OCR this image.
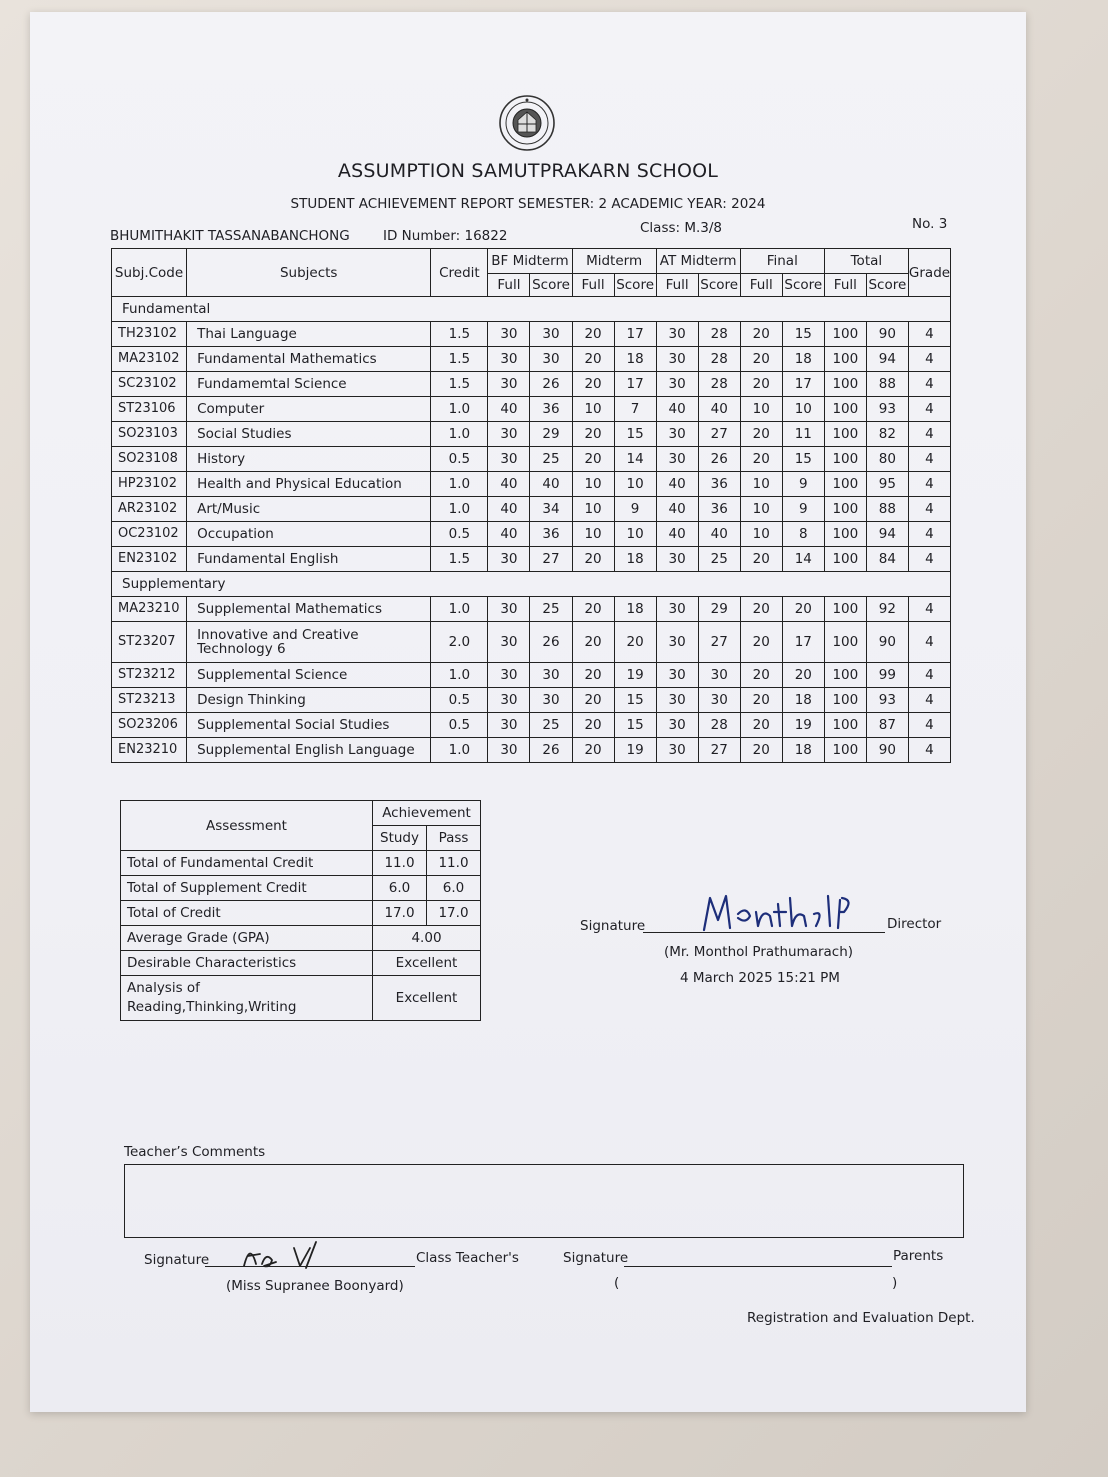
ASSUMPTION SAMUTPRAKARN SCHOOL
STUDENT ACHIEVEMENT REPORT SEMESTER: 2 ACADEMIC YEAR: 2024
BHUMITHAKIT TASSANABANCHONG ID Number: 16822	Class: M.3/8	No. 3
Subj.Code	Subjects	Credit	BF Midterm		Midterm		AT Midterm		Final		Total		Grade
			Full	Score	Full	Score	Full	Score	Full	Score	Full	Score	
Fundamental													
TH23102	Thai Language	1.5	30	30	20	17	30	28	20	15	100	90	4
MA23102	Fundamental Mathematics	1.5	30	30	20	18	30	28	20	18	100	94	4
SC23102	Fundamemtal Science	1.5	30	26	20	17	30	28	20	17	100	88	4
ST23106	Computer	1.0	40	36	10	7	40	40	10	10	100	93	4
SO23103	Social Studies	1.0	30	29	20	15	30	27	20	11	100	82	4
SO23108	History	0.5	30	25	20	14	30	26	20	15	100	80	4
HP23102	Health and Physical Education	1.0	40	40	10	10	40	36	10	9	100	95	4
AR23102	Art/Music	1.0	40	34	10	9	40	36	10	9	100	88	4
OC23102	Occupation	0.5	40	36	10	10	40	40	10	8	100	94	4
EN23102	Fundamental English	1.5	30	27	20	18	30	25	20	14	100	84	4
Supplementary													
MA23210	Supplemental Mathematics	1.0	30	25	20	18	30	29	20	20	100	92	4
ST23207	Innovative and Creative Technology 6	2.0	30	26	20	20	30	27	20	17	100	90	4
ST23212	Supplemental Science	1.0	30	30	20	19	30	30	20	20	100	99	4
ST23213	Design Thinking	0.5	30	30	20	15	30	30	20	18	100	93	4
SO23206	Supplemental Social Studies	0.5	30	25	20	15	30	28	20	19	100	87	4
EN23210	Supplemental English Language	1.0	30	26	20	19	30	27	20	18	100	90	4
Assessment	Achievement	
	Study	Pass
Total of Fundamental Credit	11.0	11.0
Total of Supplement Credit	6.0	6.0
Total of Credit	17.0	17.0
Average Grade (GPA)	4.00	
Desirable Characteristics	Excellent	
Analysis of Reading,Thinking,Writing	Excellent	
Signature	Director
(Mr. Monthol Prathumarach)
4 March 2025 15:21 PM
Teacher’s Comments
Signature	Class Teacher's
(Miss Supranee Boonyard)
Signature	Parents
(	)
Registration and Evaluation Dept.
